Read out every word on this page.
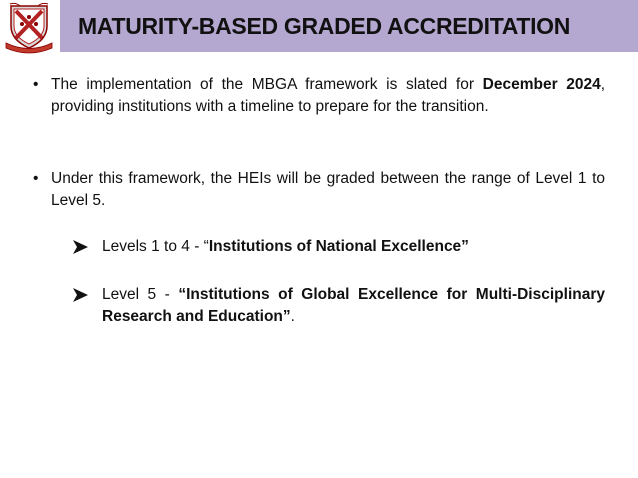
MATURITY-BASED GRADED ACCREDITATION
• The implementation of the MBGA framework is slated for December 2024, providing institutions with a timeline to prepare for the transition.
• Under this framework, the HEIs will be graded between the range of Level 1 to Level 5.
Levels 1 to 4 - “Institutions of National Excellence”
Level 5 - “Institutions of Global Excellence for Multi-Disciplinary Research and Education”.
